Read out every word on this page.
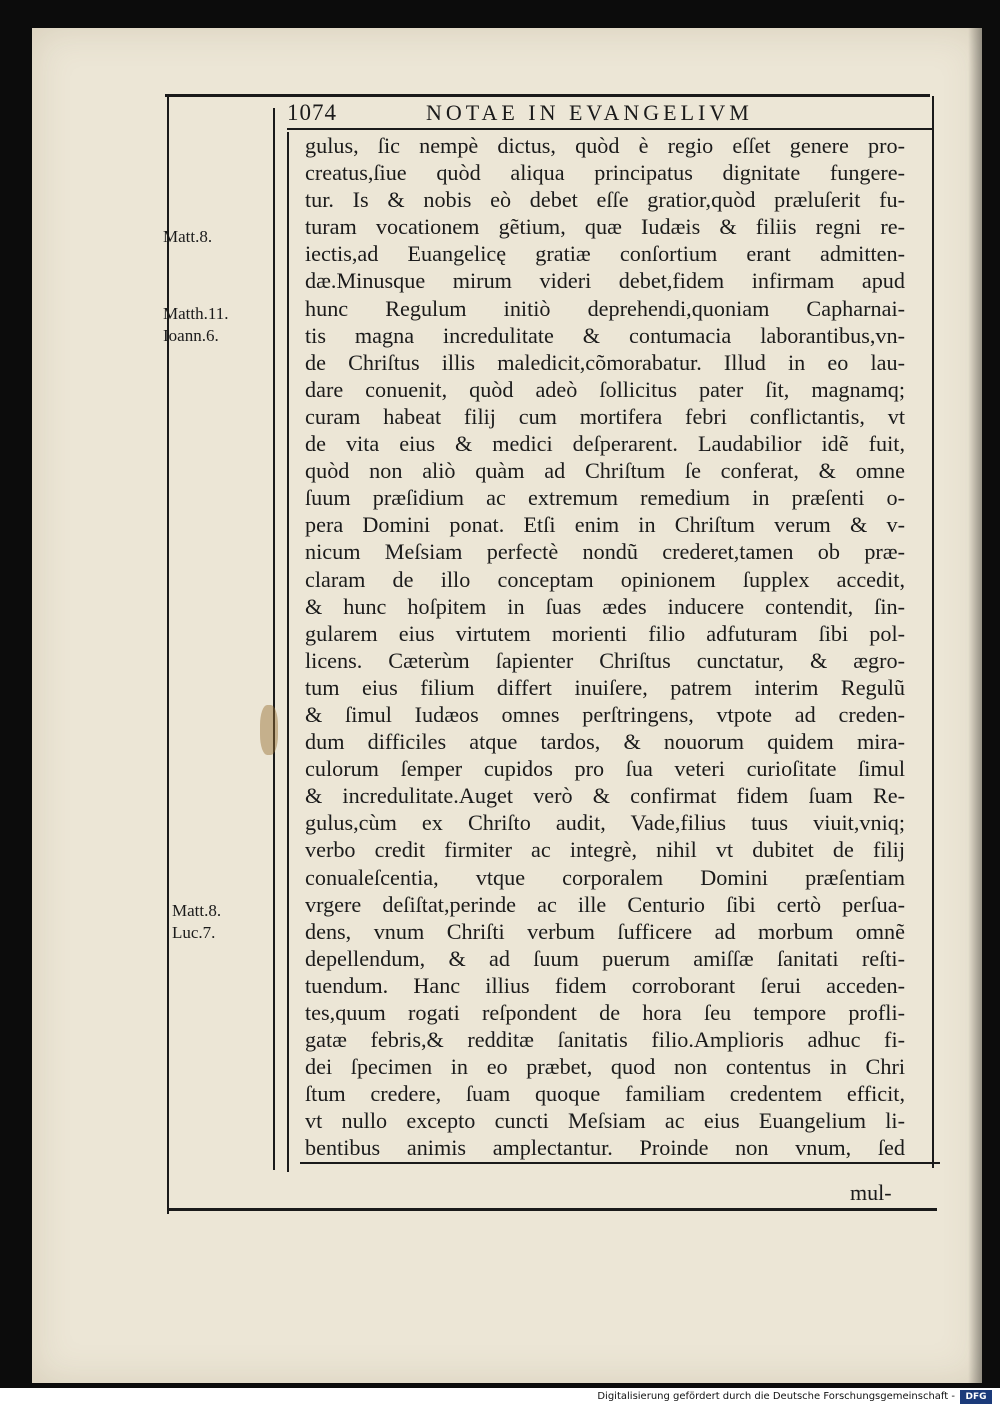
1074	NOTAE IN EVANGELIVM
Matt.8.
Matth.11.
Ioann.6.
Matt.8.
Luc.7.
gulus, ſic nempè dictus, quòd è regio eſſet genere pro-
creatus,ſiue quòd aliqua principatus dignitate fungere-
tur. Is & nobis eò debet eſſe gratior,quòd præluſerit fu-
turam vocationem gẽtium, quæ Iudæis & filiis regni re-
iectis,ad Euangelicę gratiæ conſortium erant admitten-
dæ.Minusque mirum videri debet,fidem infirmam apud
hunc Regulum initiò deprehendi,quoniam Capharnai-
tis magna incredulitate & contumacia laborantibus,vn-
de Chriſtus illis maledicit,cõmorabatur. Illud in eo lau-
dare conuenit, quòd adeò ſollicitus pater ſit, magnamq;
curam habeat filij cum mortifera febri conflictantis, vt
de vita eius & medici deſperarent. Laudabilior idẽ fuit,
quòd non aliò quàm ad Chriſtum ſe conferat, & omne
ſuum præſidium ac extremum remedium in præſenti o-
pera Domini ponat. Etſi enim in Chriſtum verum & v-
nicum Meſsiam perfectè nondũ crederet,tamen ob præ-
claram de illo conceptam opinionem ſupplex accedit,
& hunc hoſpitem in ſuas ædes inducere contendit, ſin-
gularem eius virtutem morienti filio adfuturam ſibi pol-
licens. Cæterùm ſapienter Chriſtus cunctatur, & ægro-
tum eius filium differt inuiſere, patrem interim Regulũ
& ſimul Iudæos omnes perſtringens, vtpote ad creden-
dum difficiles atque tardos, & nouorum quidem mira-
culorum ſemper cupidos pro ſua veteri curioſitate ſimul
& incredulitate.Auget verò & confirmat fidem ſuam Re-
gulus,cùm ex Chriſto audit, Vade,filius tuus viuit,vniq;
verbo credit firmiter ac integrè, nihil vt dubitet de filij
conualeſcentia, vtque corporalem Domini præſentiam
vrgere deſiſtat,perinde ac ille Centurio ſibi certò perſua-
dens, vnum Chriſti verbum ſufficere ad morbum omnẽ
depellendum, & ad ſuum puerum amiſſæ ſanitati reſti-
tuendum. Hanc illius fidem corroborant ſerui acceden-
tes,quum rogati reſpondent de hora ſeu tempore profli-
gatæ febris,& redditæ ſanitatis filio.Amplioris adhuc fi-
dei ſpecimen in eo præbet, quod non contentus in Chri
ſtum credere, ſuam quoque familiam credentem efficit,
vt nullo excepto cuncti Meſsiam ac eius Euangelium li-
bentibus animis amplectantur. Proinde non vnum, ſed
mul-
Digitalisierung gefördert durch die Deutsche Forschungsgemeinschaft -	DFG
